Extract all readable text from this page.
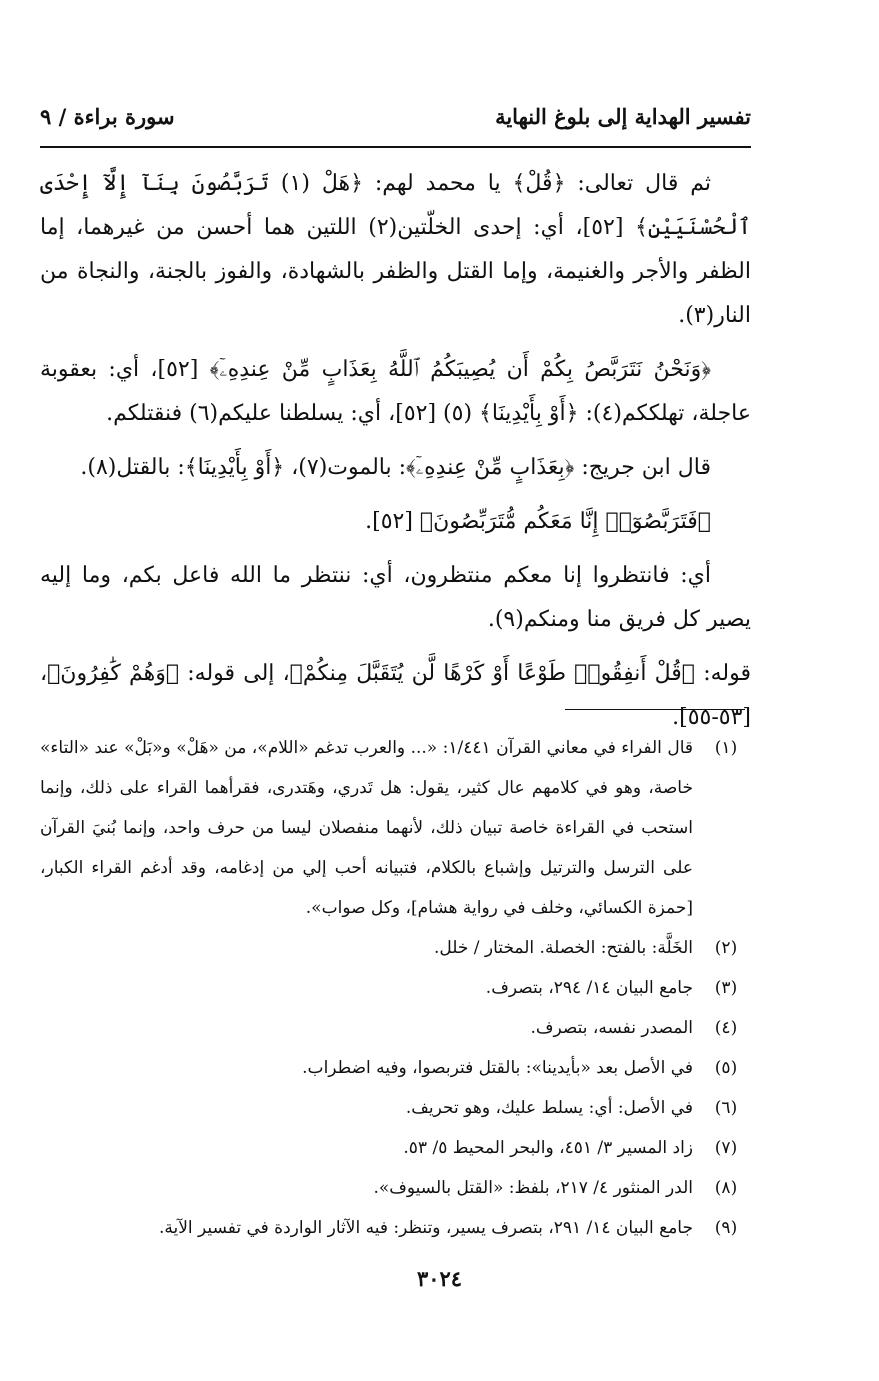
تفسير الهداية إلى بلوغ النهاية
سورة براءة / ٩

ثم قال تعالى: ﴿قُلْ﴾ يا محمد لهم: ﴿هَلْ (١) تَرَبَّصُونَ بِنَآ إِلَّآ إِحْدَى ٱلْحُسْنَيَيْنِ﴾ [٥٢]، أي: إحدى الخلّتين(٢) اللتين هما أحسن من غيرهما، إما الظفر والأجر والغنيمة، وإما القتل والظفر بالشهادة، والفوز بالجنة، والنجاة من النار(٣).

﴿وَنَحْنُ نَتَرَبَّصُ بِكُمْ أَن يُصِيبَكُمُ ٱللَّهُ بِعَذَابٍ مِّنْ عِندِهِۦٓ﴾ [٥٢]، أي: بعقوبة عاجلة، تهلككم(٤): ﴿أَوْ بِأَيْدِينَا﴾ (٥) [٥٢]، أي: يسلطنا عليكم(٦) فنقتلكم.

قال ابن جريج: ﴿بِعَذَابٍ مِّنْ عِندِهِۦٓ﴾: بالموت(٧)، ﴿أَوْ بِأَيْدِينَا﴾: بالقتل(٨).

﴿فَتَرَبَّصُوٓا۟ إِنَّا مَعَكُم مُّتَرَبِّصُونَ﴾ [٥٢].

أي: فانتظروا إنا معكم منتظرون، أي: ننتظر ما الله فاعل بكم، وما إليه يصير كل فريق منا ومنكم(٩).

قوله: ﴿قُلْ أَنفِقُوا۟ طَوْعًا أَوْ كَرْهًا لَّن يُتَقَبَّلَ مِنكُمْ﴾، إلى قوله: ﴿وَهُمْ كَٰفِرُونَ﴾، [٥٣-٥٥].

(١)
قال الفراء في معاني القرآن ١/٤٤١: «... والعرب تدغم «اللام»، من «هَلْ» و«بَلْ» عند «التاء» خاصة، وهو في كلامهم عال كثير، يقول: هل تَدري، وهَتدرى، فقرأهما القراء على ذلك، وإنما استحب في القراءة خاصة تبيان ذلك، لأنهما منفصلان ليسا من حرف واحد، وإنما بُنيَ القرآن على الترسل والترتيل وإشباع بالكلام، فتبيانه أحب إلي من إدغامه، وقد أدغم القراء الكبار، [حمزة الكسائي، وخلف في رواية هشام]، وكل صواب».
(٢)
الخَلَّة: بالفتح: الخصلة. المختار / خلل.
(٣)
جامع البيان ١٤/ ٢٩٤، بتصرف.
(٤)
المصدر نفسه، بتصرف.
(٥)
في الأصل بعد «بأيدينا»: بالقتل فتربصوا، وفيه اضطراب.
(٦)
في الأصل: أي: يسلط عليك، وهو تحريف.
(٧)
زاد المسير ٣/ ٤٥١، والبحر المحيط ٥/ ٥٣.
(٨)
الدر المنثور ٤/ ٢١٧، بلفظ: «القتل بالسيوف».
(٩)
جامع البيان ١٤/ ٢٩١، بتصرف يسير، وتنظر: فيه الآثار الواردة في تفسير الآية.
٣٠٢٤
